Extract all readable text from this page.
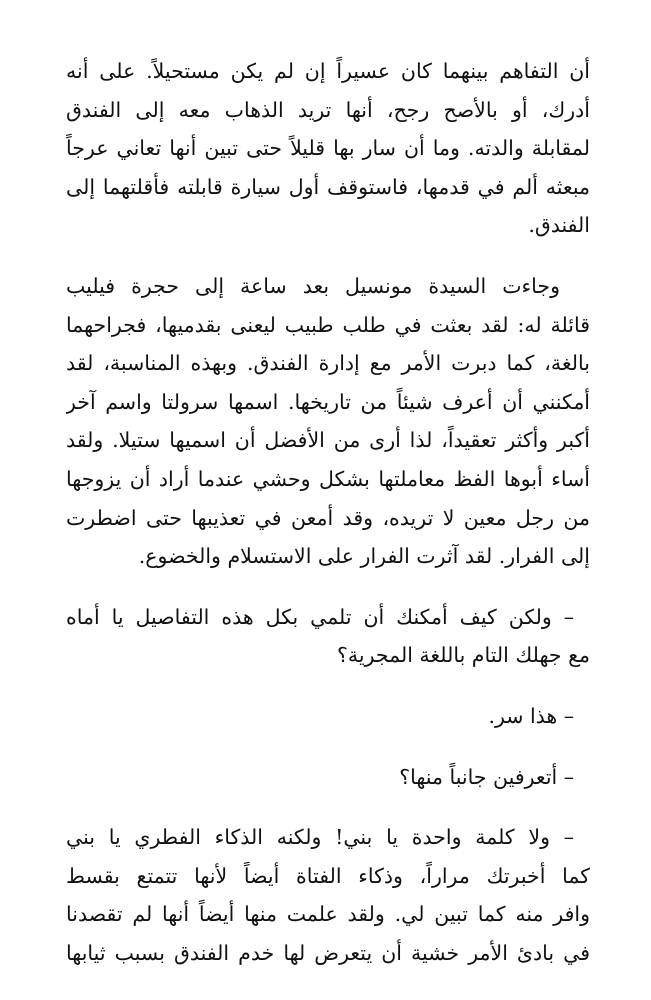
أن التفاهم بينهما كان عسيراً إن لم يكن مستحيلاً. على أنه
أدرك، أو بالأصح رجح، أنها تريد الذهاب معه إلى الفندق
لمقابلة والدته. وما أن سار بها قليلاً حتى تبين أنها تعاني عرجاً
مبعثه ألم في قدمها، فاستوقف أول سيارة قابلته فأقلتهما إلى
الفندق.
وجاءت السيدة مونسيل بعد ساعة إلى حجرة فيليب
قائلة له: لقد بعثت في طلب طبيب ليعنى بقدميها، فجراحهما
بالغة، كما دبرت الأمر مع إدارة الفندق. وبهذه المناسبة، لقد
أمكنني أن أعرف شيئاً من تاريخها. اسمها سرولتا واسم آخر
أكبر وأكثر تعقيداً، لذا أرى من الأفضل أن اسميها ستيلا. ولقد
أساء أبوها الفظ معاملتها بشكل وحشي عندما أراد أن يزوجها
من رجل معين لا تريده، وقد أمعن في تعذيبها حتى اضطرت
إلى الفرار. لقد آثرت الفرار على الاستسلام والخضوع.
– ولكن كيف أمكنك أن تلمي بكل هذه التفاصيل يا أماه
مع جهلك التام باللغة المجرية؟
– هذا سر.
– أتعرفين جانباً منها؟
– ولا كلمة واحدة يا بني! ولكنه الذكاء الفطري يا بني
كما أخبرتك مراراً، وذكاء الفتاة أيضاً لأنها تتمتع بقسط
وافر منه كما تبين لي. ولقد علمت منها أيضاً أنها لم تقصدنا
في بادئ الأمر خشية أن يتعرض لها خدم الفندق بسبب ثيابها
